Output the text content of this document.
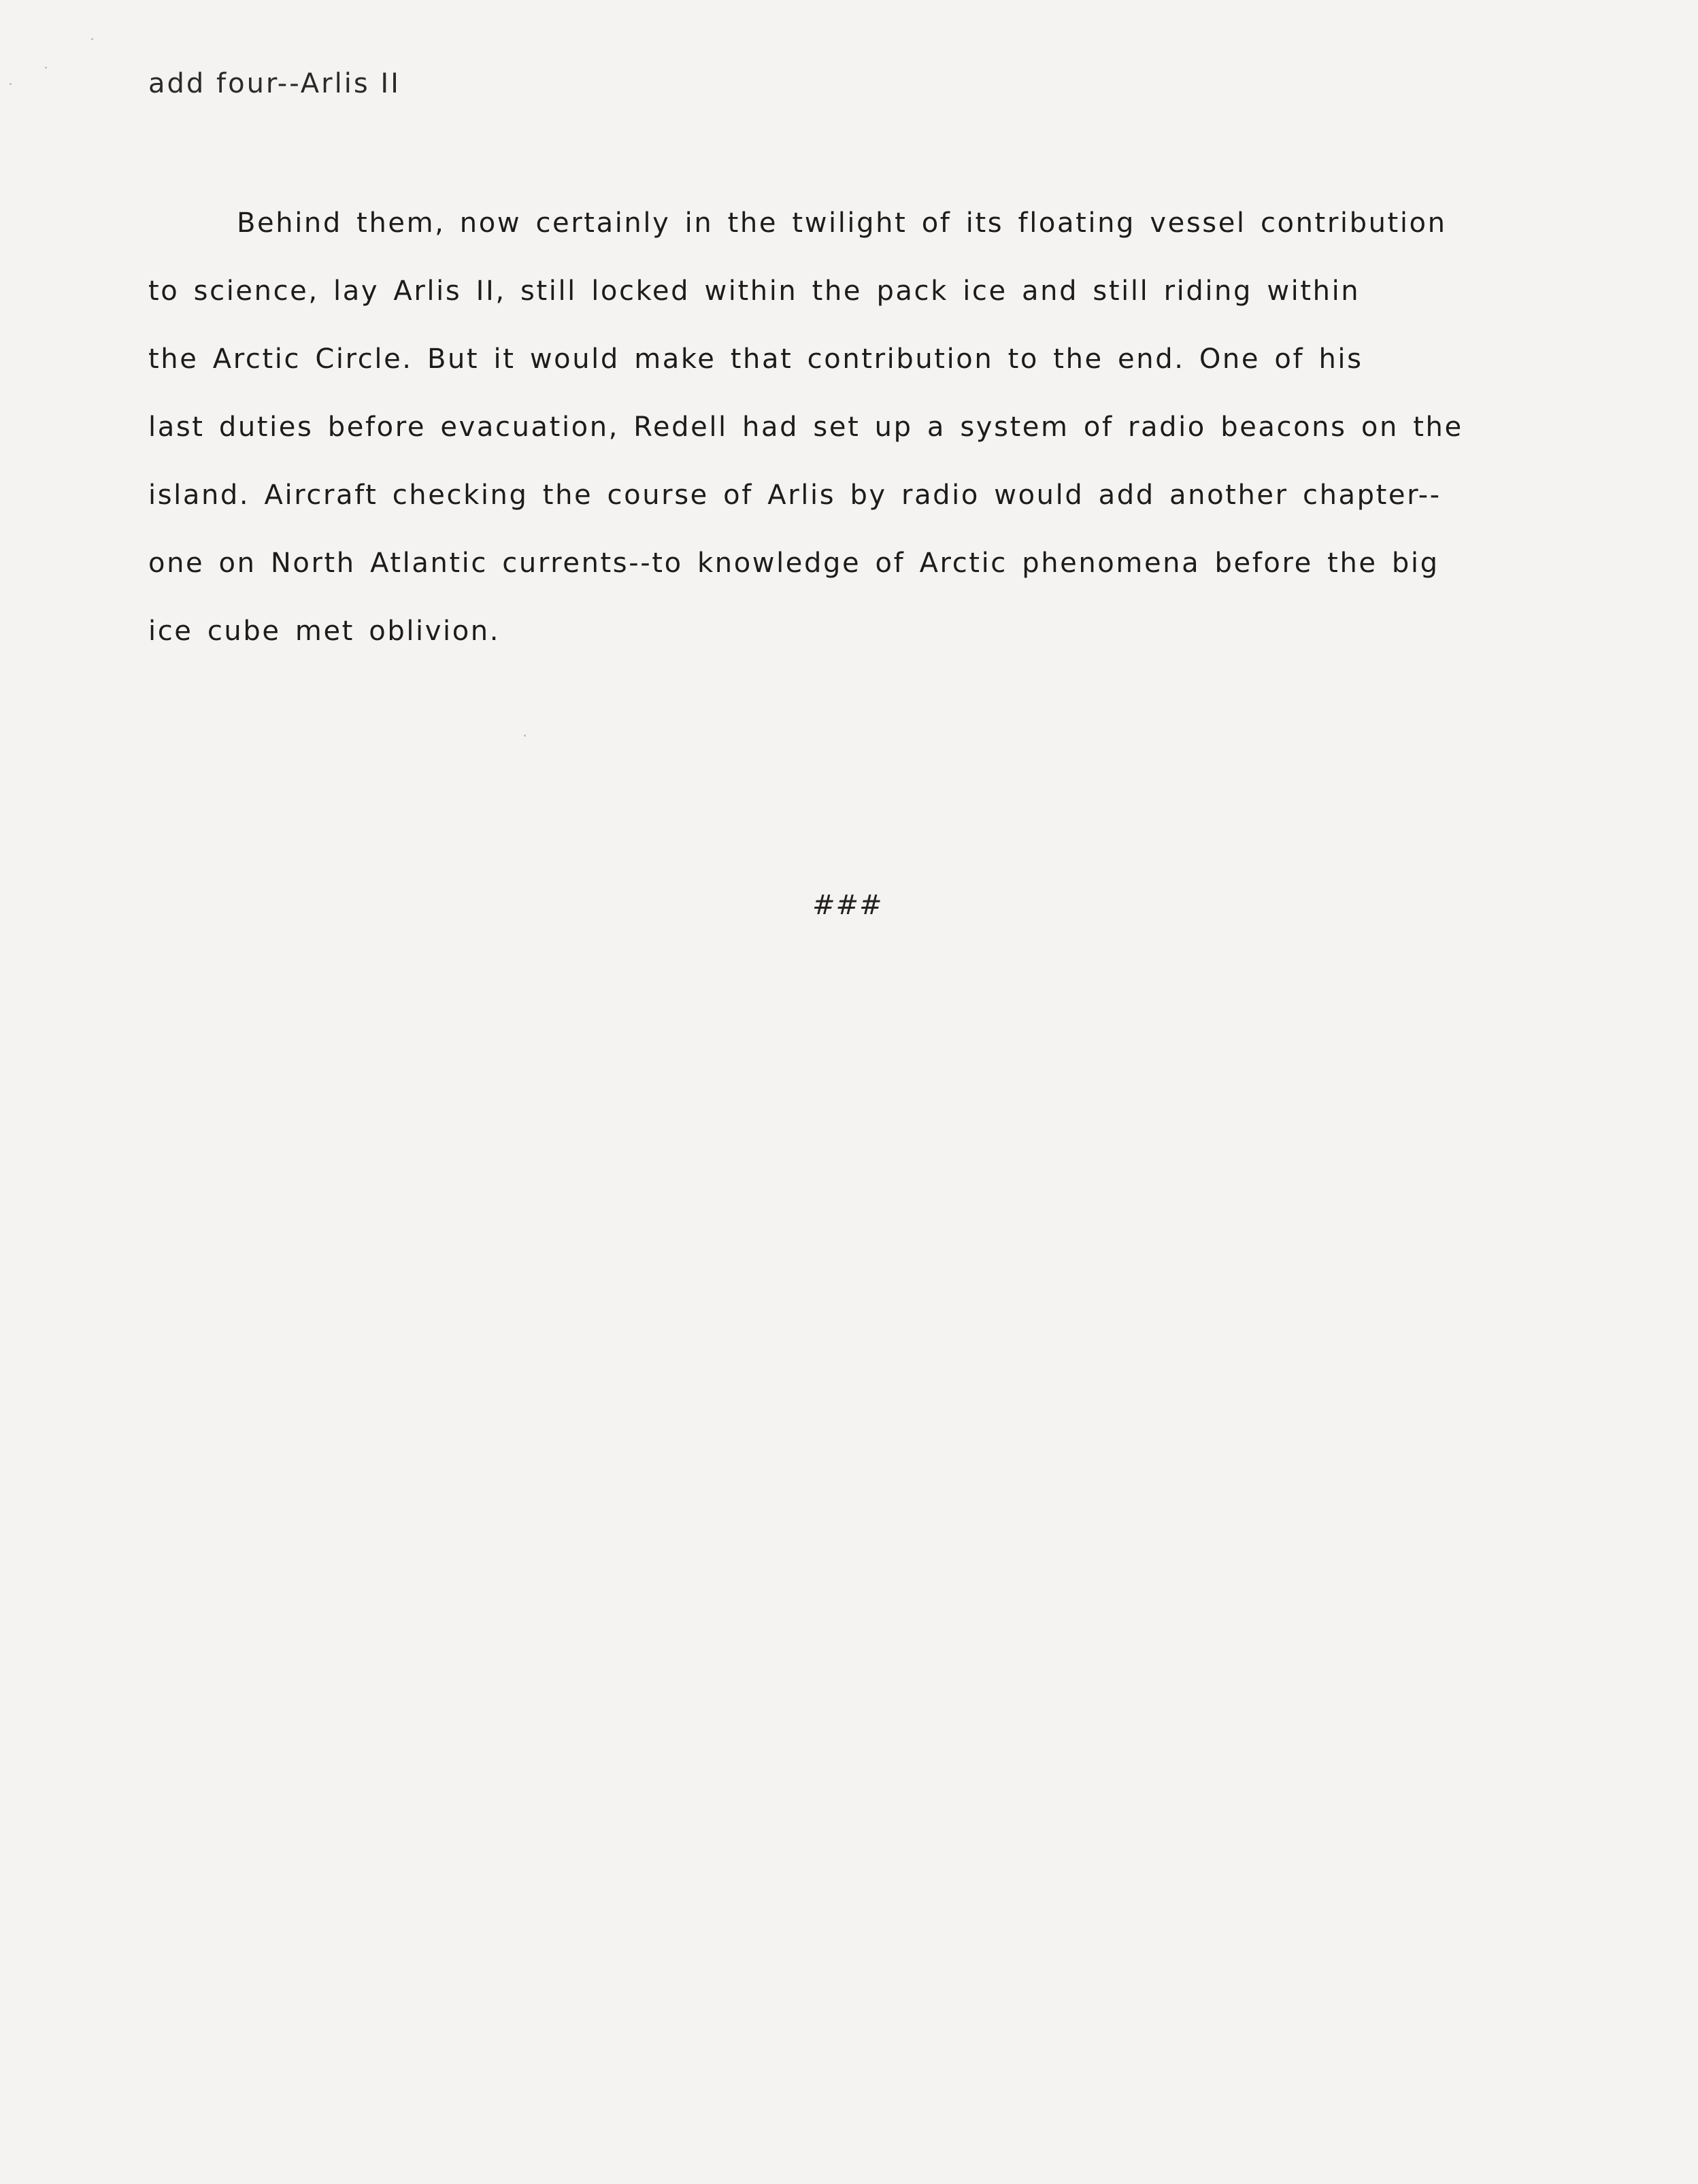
add four--Arlis II
Behind them, now certainly in the twilight of its floating vessel contribution
to science, lay Arlis II, still locked within the pack ice and still riding within
the Arctic Circle. But it would make that contribution to the end. One of his
last duties before evacuation, Redell had set up a system of radio beacons on the
island. Aircraft checking the course of Arlis by radio would add another chapter--
one on North Atlantic currents--to knowledge of Arctic phenomena before the big
ice cube met oblivion.
###
